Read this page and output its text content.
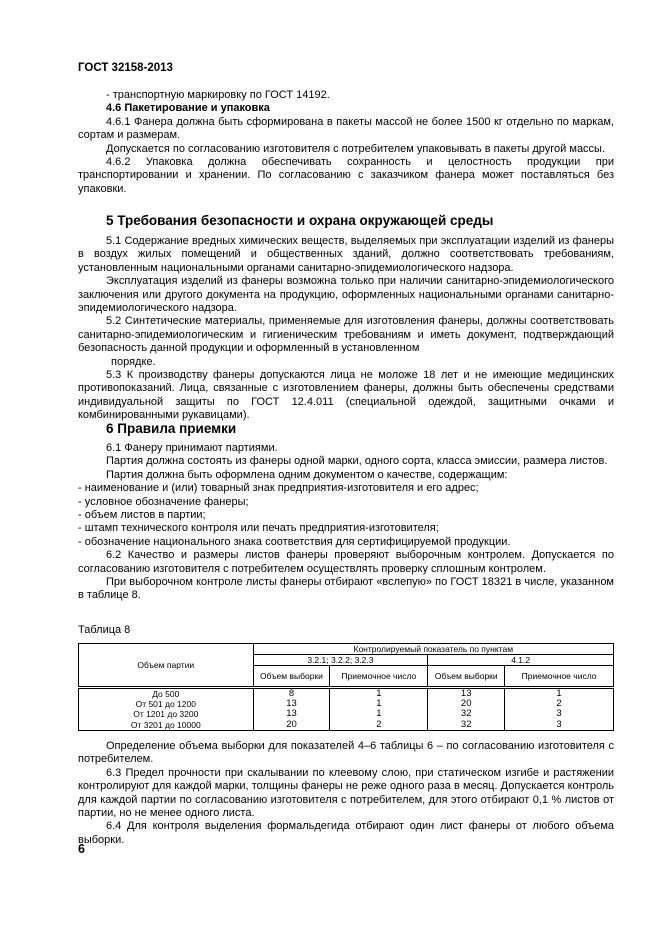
ГОСТ 32158-2013

- транспортную маркировку по ГОСТ 14192.

4.6 Пакетирование и упаковка

4.6.1 Фанера должна быть сформирована в пакеты массой не более 1500 кг отдельно по маркам, сортам и размерам.

Допускается по согласованию изготовителя с потребителем упаковывать в пакеты другой массы.

4.6.2 Упаковка должна обеспечивать сохранность и целостность продукции при транспортировании и хранении. По согласованию с заказчиком фанера может поставляться без упаковки.

5 Требования безопасности и охрана окружающей среды

5.1 Содержание вредных химических веществ, выделяемых при эксплуатации изделий из фанеры в воздух жилых помещений и общественных зданий, должно соответствовать требованиям, установленным национальными органами санитарно-эпидемиологического надзора.

Эксплуатация изделий из фанеры возможна только при наличии санитарно-эпидемиологического заключения или другого документа на продукцию, оформленных национальными органами санитарно-эпидемиологического надзора.

5.2 Синтетические материалы, применяемые для изготовления фанеры, должны соответствовать санитарно-эпидемиологическим и гигиеническим требованиям и иметь документ, подтверждающий безопасность данной продукции и оформленный в установленном

порядке.

5.3 К производству фанеры допускаются лица не моложе 18 лет и не имеющие медицинских противопоказаний. Лица, связанные с изготовлением фанеры, должны быть обеспечены средствами индивидуальной защиты по ГОСТ 12.4.011 (специальной одеждой, защитными очками и комбинированными рукавицами).

6 Правила приемки

6.1 Фанеру принимают партиями.

Партия должна состоять из фанеры одной марки, одного сорта, класса эмиссии, размера листов.

Партия должна быть оформлена одним документом о качестве, содержащим:

- наименование и (или) товарный знак предприятия-изготовителя и его адрес;

- условное обозначение фанеры;

- объем листов в партии;

- штамп технического контроля или печать предприятия-изготовителя;

- обозначение национального знака соответствия для сертифицируемой продукции.

6.2 Качество и размеры листов фанеры проверяют выборочным контролем. Допускается по согласованию изготовителя с потребителем осуществлять проверку сплошным контролем.

При выборочном контроле листы фанеры отбирают «вслепую» по ГОСТ 18321 в числе, указанном в таблице 8.

Таблица 8
Объем партии	Контролируемый показатель по пунктам			
	3.2.1; 3.2.2; 3.2.3		4.1.2	
	Объем выборки	Приемочное число	Объем выборки	Приемочное число
До 500	8	1	13	1
От 501 до 1200	13	1	20	2
От 1201 до 3200	13	1	32	3
От 3201 до 10000	20	2	32	3

Определение объема выборки для показателей 4–6 таблицы 6 – по согласованию изготовителя с потребителем.

6.3 Предел прочности при скалывании по клеевому слою, при статическом изгибе и растяжении контролируют для каждой марки, толщины фанеры не реже одного раза в месяц. Допускается контроль для каждой партии по согласованию изготовителя с потребителем, для этого отбирают 0,1 % листов от партии, но не менее одного листа.

6.4 Для контроля выделения формальдегида отбирают один лист фанеры от любого объема выборки.

6
